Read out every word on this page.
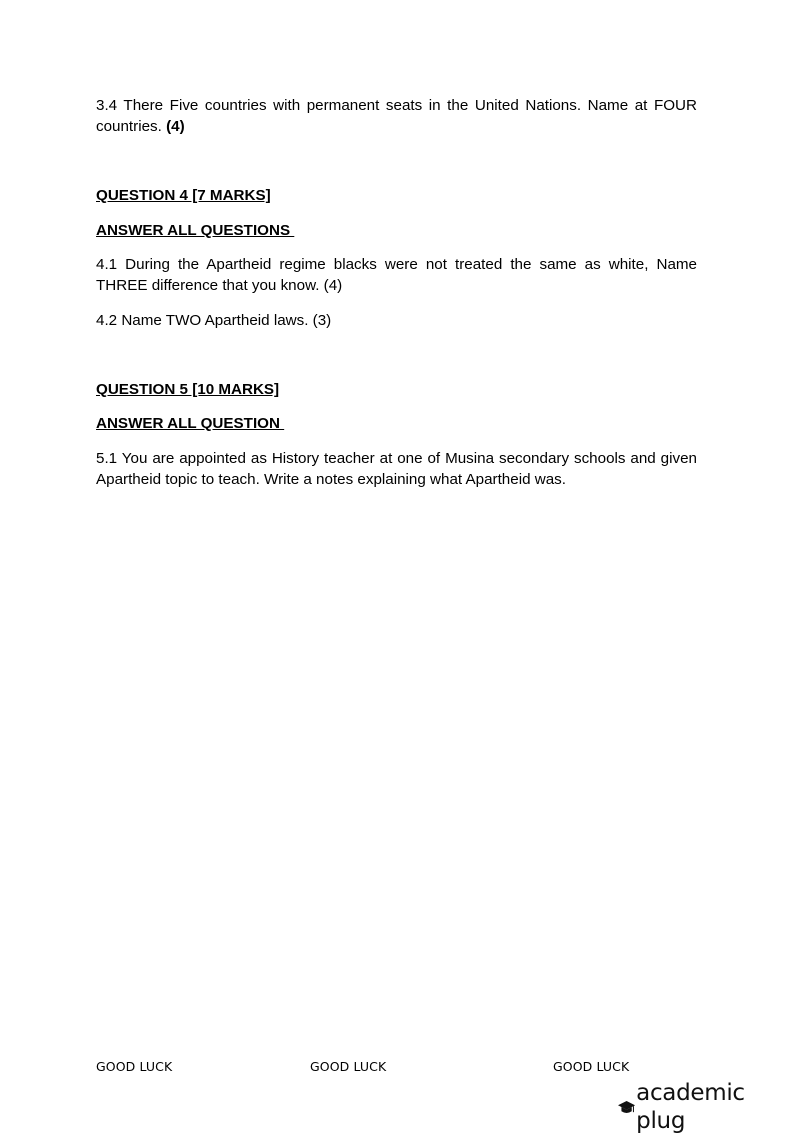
3.4 There Five countries with permanent seats in the United Nations. Name at FOUR countries. (4)

QUESTION 4 [7 MARKS]

ANSWER ALL QUESTIONS

4.1 During the Apartheid regime blacks were not treated the same as white, Name THREE difference that you know. (4)

4.2 Name TWO Apartheid laws. (3)

QUESTION 5 [10 MARKS]

ANSWER ALL QUESTION

5.1 You are appointed as History teacher at one of Musina secondary schools and given Apartheid topic to teach. Write a notes explaining what Apartheid was.

GOOD LUCK	GOOD LUCK	GOOD LUCK
academic plug
